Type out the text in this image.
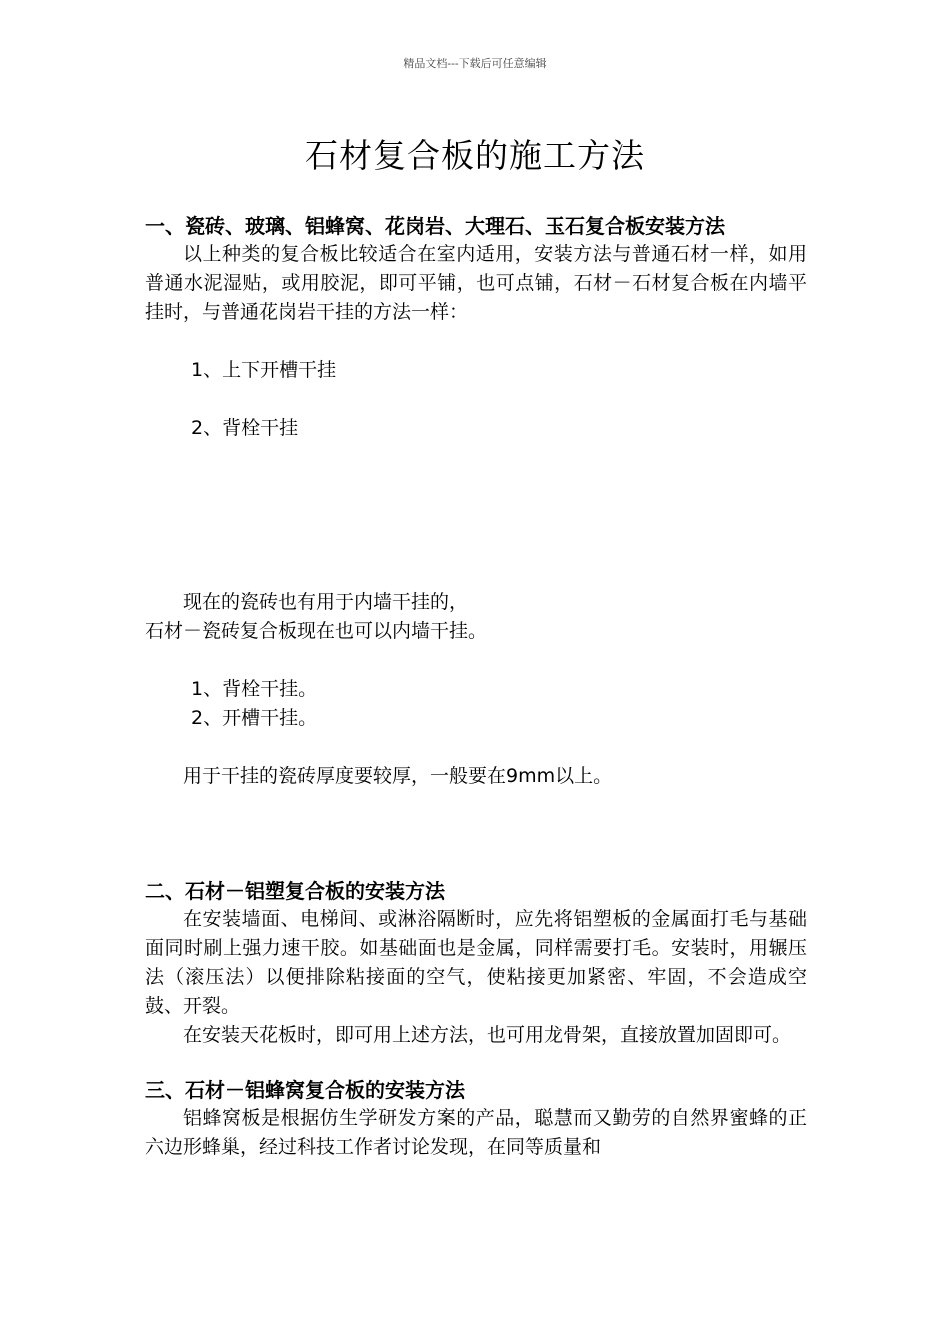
精品文档---下载后可任意编辑
石材复合板的施工方法

一、瓷砖、玻璃、铝蜂窝、花岗岩、大理石、玉石复合板安装方法

以上种类的复合板比较适合在室内适用，安装方法与普通石材一样，如用普通水泥湿贴，或用胶泥，即可平铺，也可点铺，石材－石材复合板在内墙平挂时，与普通花岗岩干挂的方法一样：

1、上下开槽干挂

2、背栓干挂

现在的瓷砖也有用于内墙干挂的，

石材－瓷砖复合板现在也可以内墙干挂。

1、背栓干挂。

2、开槽干挂。

用于干挂的瓷砖厚度要较厚，一般要在9mm以上。

二、石材－铝塑复合板的安装方法

在安装墙面、电梯间、或淋浴隔断时，应先将铝塑板的金属面打毛与基础面同时刷上强力速干胶。如基础面也是金属，同样需要打毛。安装时，用辗压法（滚压法）以便排除粘接面的空气，使粘接更加紧密、牢固，不会造成空鼓、开裂。

在安装天花板时，即可用上述方法，也可用龙骨架，直接放置加固即可。

三、石材－铝蜂窝复合板的安装方法

铝蜂窝板是根据仿生学研发方案的产品，聪慧而又勤劳的自然界蜜蜂的正六边形蜂巢，经过科技工作者讨论发现，在同等质量和
